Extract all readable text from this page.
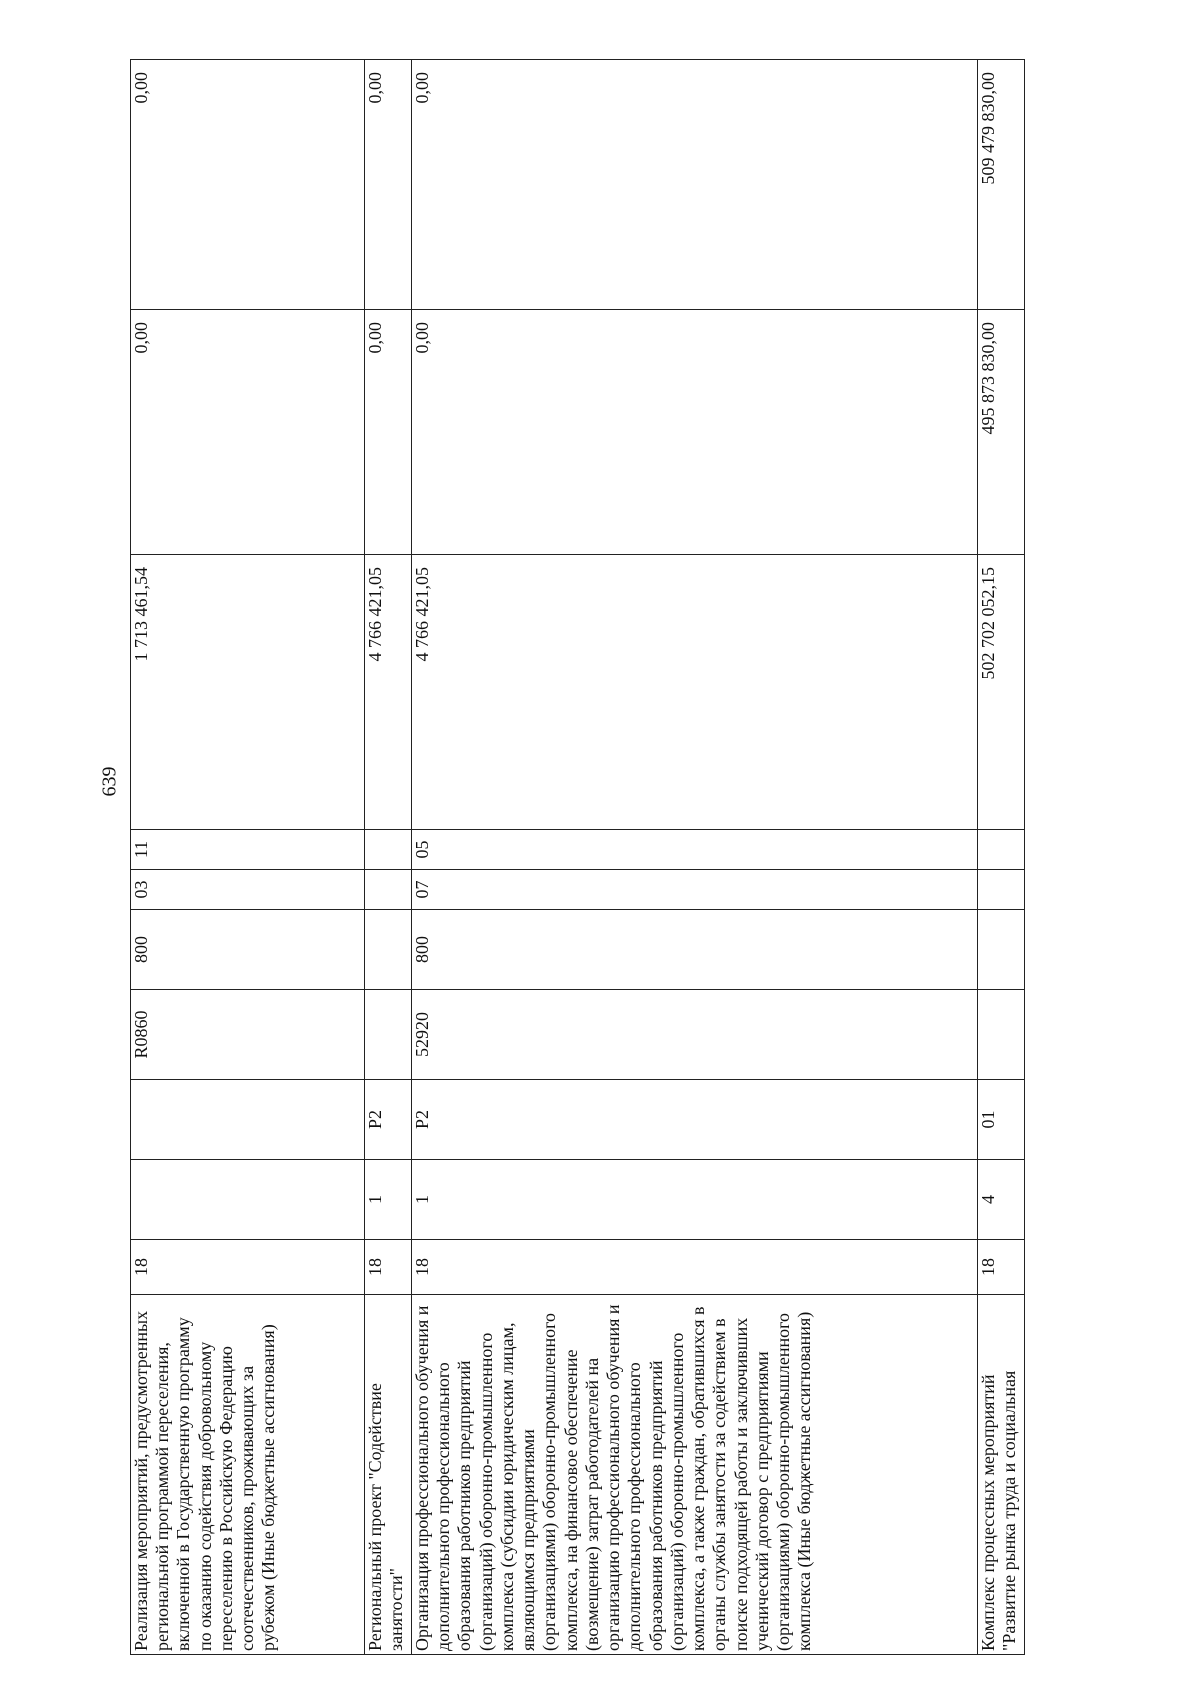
639
Реализация мероприятий, предусмотренных региональной программой переселения, включенной в Государственную программу по оказанию содействия добровольному переселению в Российскую Федерацию соотечественников, проживающих за рубежом (Иные бюджетные ассигнования)	18			R0860	800	03	11	1 713 461,54	0,00	0,00
Региональный проект "Содействие занятости"	18	1	P2					4 766 421,05	0,00	0,00
Организация профессионального обучения и дополнительного профессионального образования работников предприятий (организаций) оборонно-промышленного комплекса (субсидии юридическим лицам, являющимся предприятиями (организациями) оборонно-промышленного комплекса, на финансовое обеспечение (возмещение) затрат работодателей на организацию профессионального обучения и дополнительного профессионального образования работников предприятий (организаций) оборонно-промышленного комплекса, а также граждан, обратившихся в органы службы занятости за содействием в поиске подходящей работы и заключивших ученический договор с предприятиями (организациями) оборонно-промышленного комплекса (Иные бюджетные ассигнования)	18	1	P2	52920	800	07	05	4 766 421,05	0,00	0,00
Комплекс процессных мероприятий "Развитие рынка труда и социальная	18	4	01					502 702 052,15	495 873 830,00	509 479 830,00
